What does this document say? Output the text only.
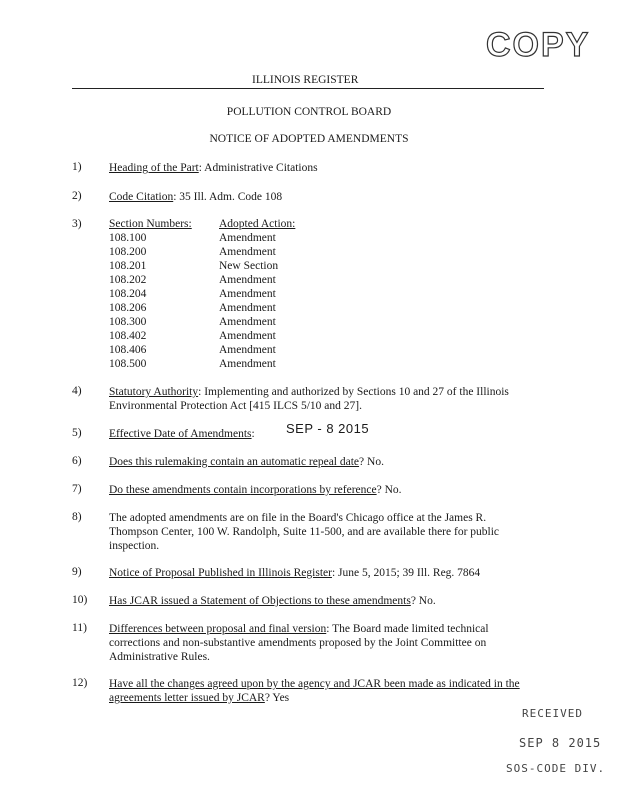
COPY
ILLINOIS REGISTER
POLLUTION CONTROL BOARD
NOTICE OF ADOPTED AMENDMENTS
1) Heading of the Part: Administrative Citations
2) Code Citation: 35 Ill. Adm. Code 108
3) Section Numbers: Adopted Action:
108.100	Amendment
108.200	Amendment
108.201	New Section
108.202	Amendment
108.204	Amendment
108.206	Amendment
108.300	Amendment
108.402	Amendment
108.406	Amendment
108.500	Amendment
4) Statutory Authority: Implementing and authorized by Sections 10 and 27 of the Illinois
Environmental Protection Act [415 ILCS 5/10 and 27].
5) Effective Date of Amendments:	SEP - 8 2015
6) Does this rulemaking contain an automatic repeal date? No.
7) Do these amendments contain incorporations by reference? No.
8) The adopted amendments are on file in the Board's Chicago office at the James R.
Thompson Center, 100 W. Randolph, Suite 11-500, and are available there for public
inspection.
9) Notice of Proposal Published in Illinois Register: June 5, 2015; 39 Ill. Reg. 7864
10) Has JCAR issued a Statement of Objections to these amendments? No.
11) Differences between proposal and final version: The Board made limited technical
corrections and non-substantive amendments proposed by the Joint Committee on
Administrative Rules.
12) Have all the changes agreed upon by the agency and JCAR been made as indicated in the
agreements letter issued by JCAR? Yes
RECEIVED
SEP 8 2015
SOS-CODE DIV.
